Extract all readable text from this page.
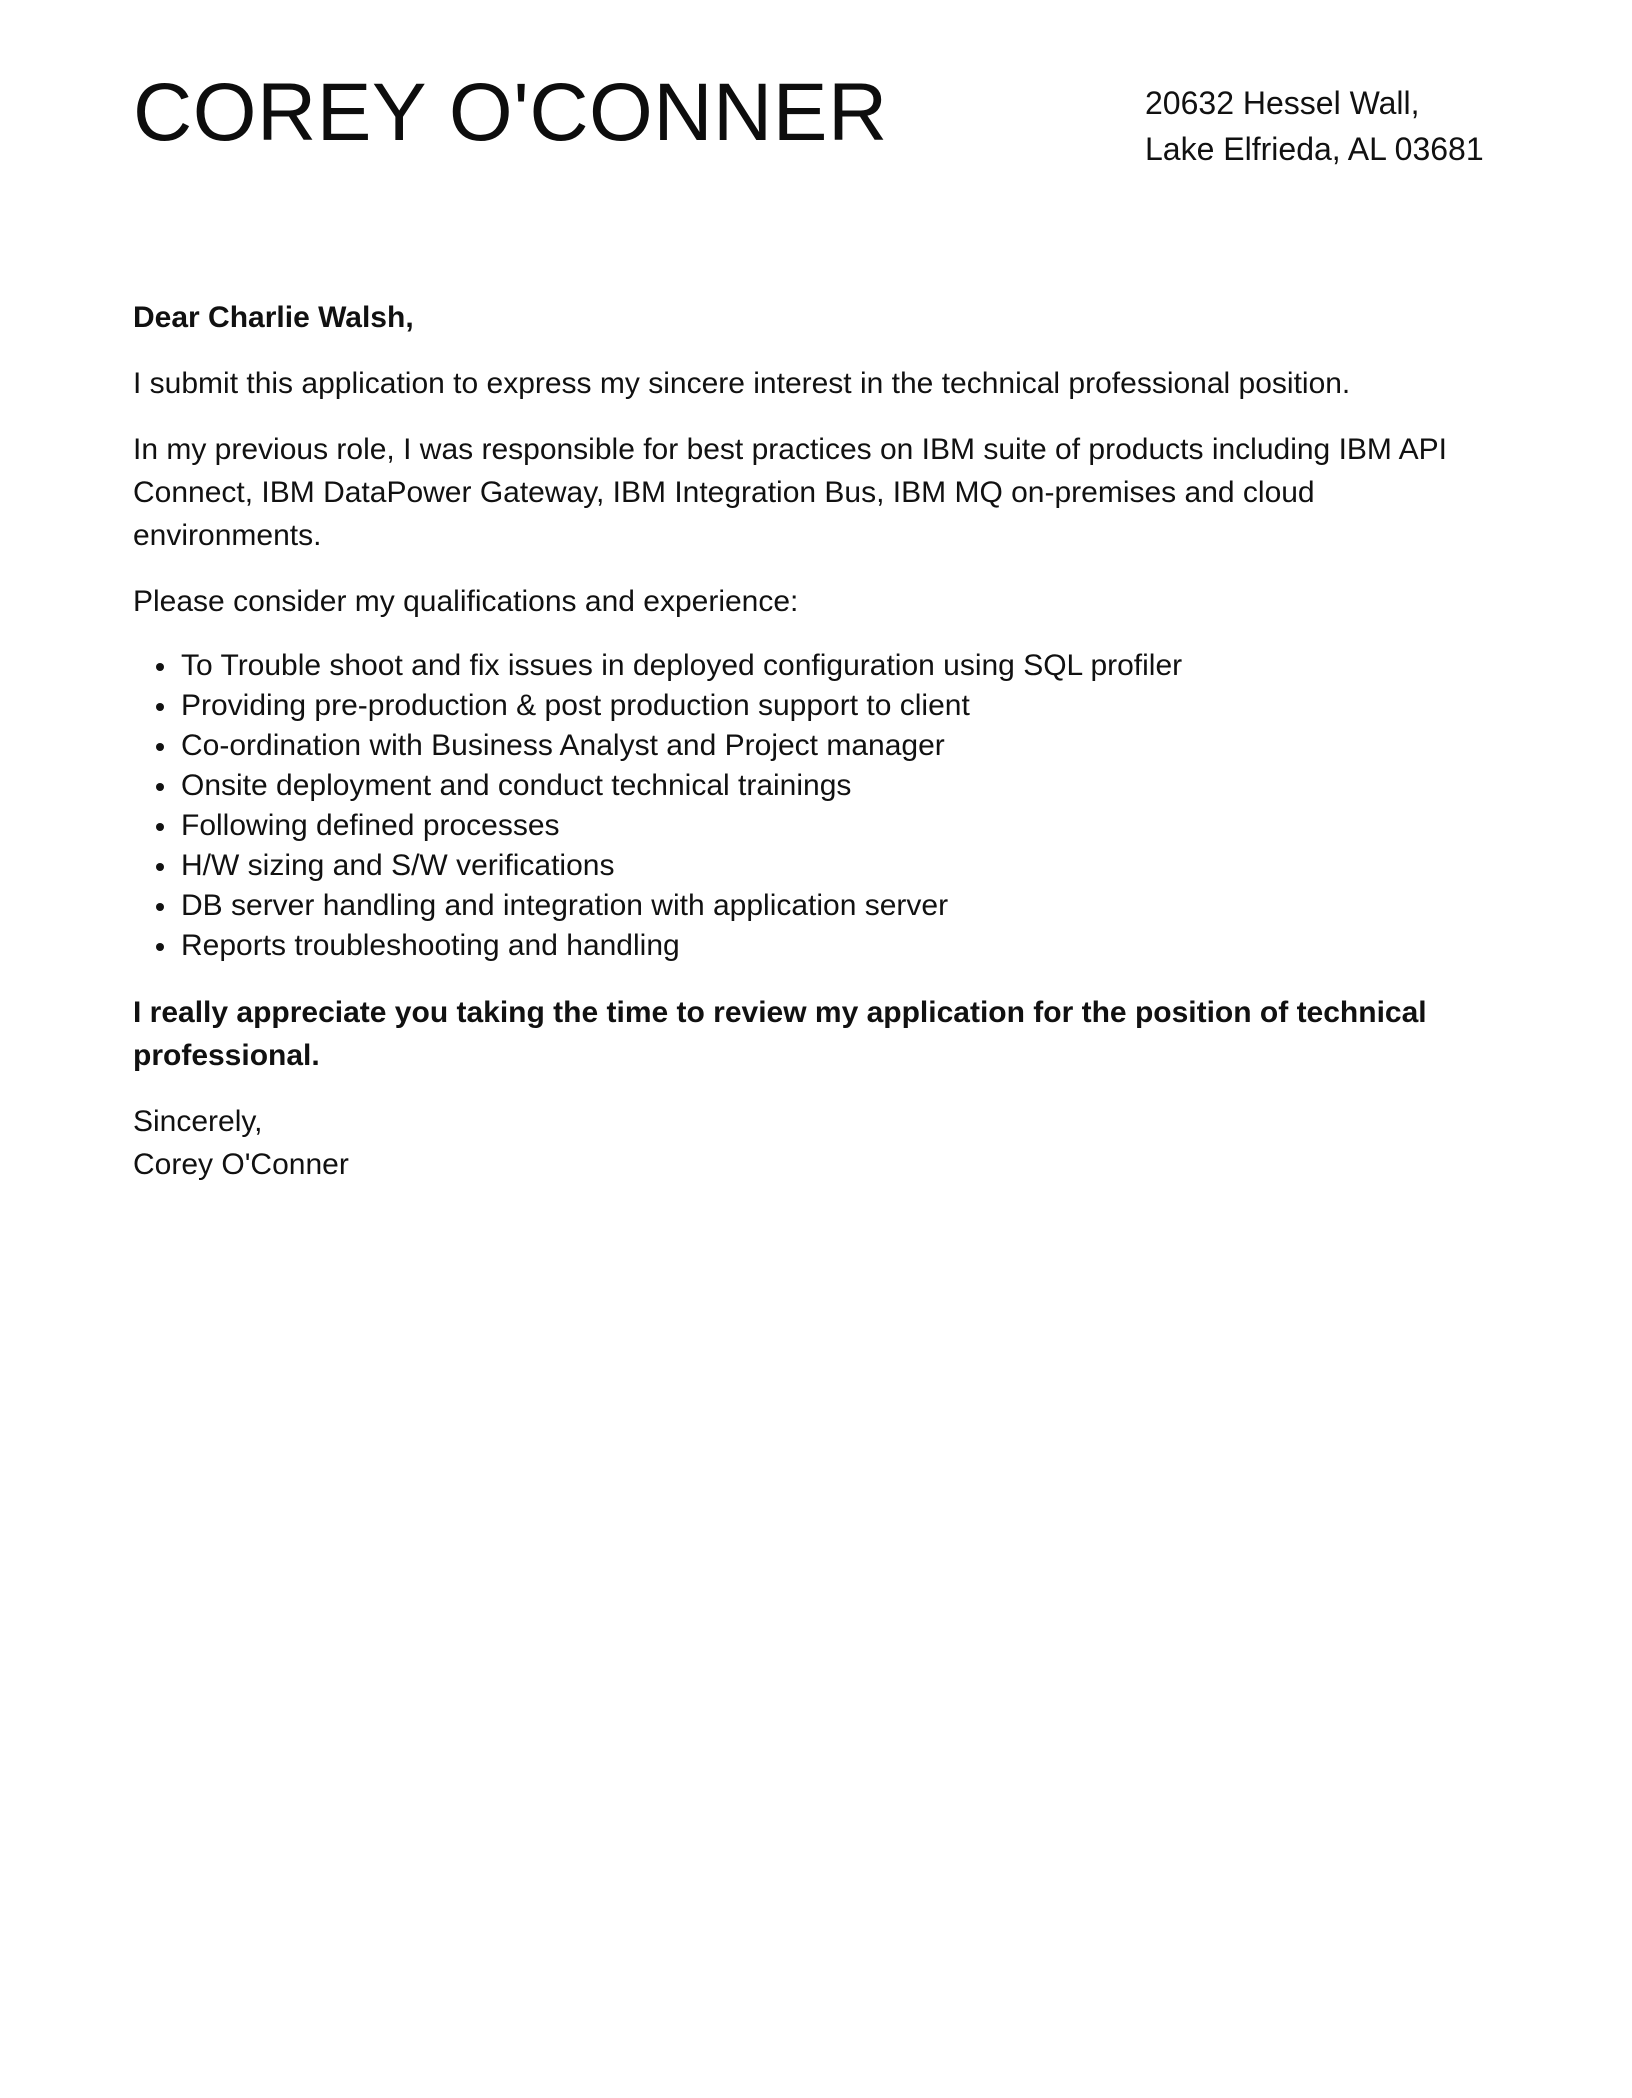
COREY O'CONNER	20632 Hessel Wall,
Lake Elfrieda, AL 03681

Dear Charlie Walsh,

I submit this application to express my sincere interest in the technical professional position.

In my previous role, I was responsible for best practices on IBM suite of products including IBM API Connect, IBM DataPower Gateway, IBM Integration Bus, IBM MQ on-premises and cloud environments.

Please consider my qualifications and experience:

To Trouble shoot and fix issues in deployed configuration using SQL profiler
Providing pre-production & post production support to client
Co-ordination with Business Analyst and Project manager
Onsite deployment and conduct technical trainings
Following defined processes
H/W sizing and S/W verifications
DB server handling and integration with application server
Reports troubleshooting and handling

I really appreciate you taking the time to review my application for the position of technical professional.

Sincerely,
Corey O'Conner
